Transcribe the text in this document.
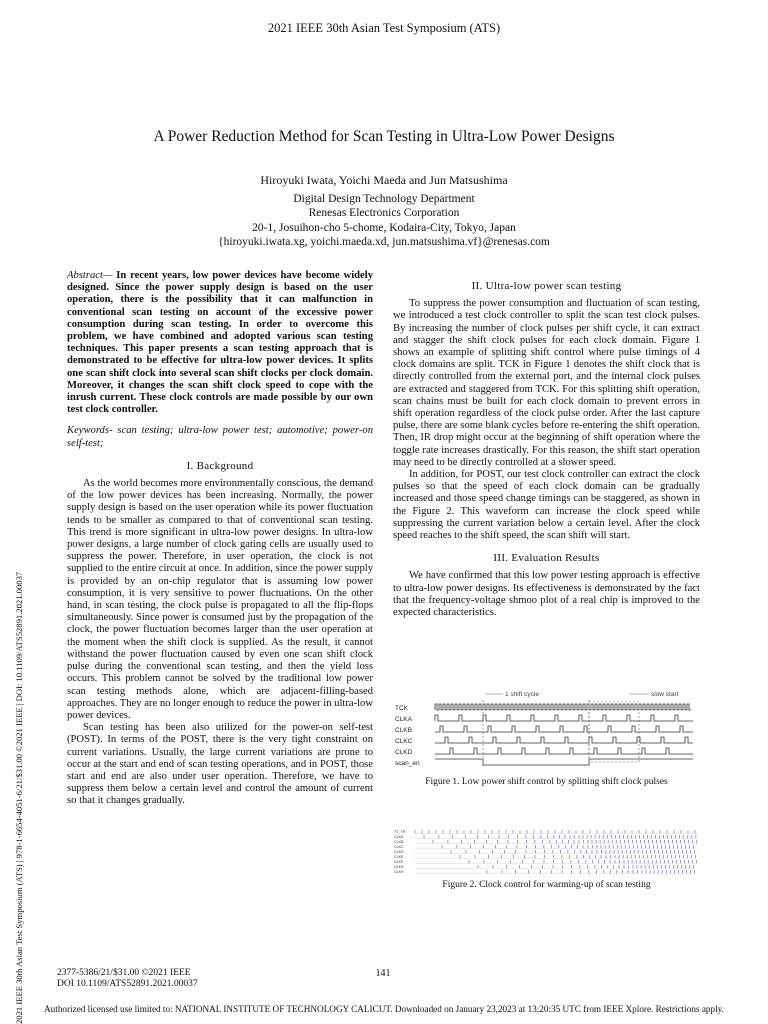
2021 IEEE 30th Asian Test Symposium (ATS)
A Power Reduction Method for Scan Testing in Ultra-Low Power Designs
Hiroyuki Iwata, Yoichi Maeda and Jun Matsushima
Digital Design Technology Department
Renesas Electronics Corporation
20-1, Josuihon-cho 5-chome, Kodaira-City, Tokyo, Japan
{hiroyuki.iwata.xg, yoichi.maeda.xd, jun.matsushima.vf}@renesas.com
2021 IEEE 30th Asian Test Symposium (ATS) | 978-1-6654-4051-6/21/$31.00 ©2021 IEEE | DOI: 10.1109/ATS52891.2021.00037

Abstract— In recent years, low power devices have become widely designed. Since the power supply design is based on the user operation, there is the possibility that it can malfunction in conventional scan testing on account of the excessive power consumption during scan testing. In order to overcome this problem, we have combined and adopted various scan testing techniques. This paper presents a scan testing approach that is demonstrated to be effective for ultra-low power devices. It splits one scan shift clock into several scan shift clocks per clock domain. Moreover, it changes the scan shift clock speed to cope with the inrush current. These clock controls are made possible by our own test clock controller.

Keywords- scan testing; ultra-low power test; automotive; power-on self-test;

I. Background

As the world becomes more environmentally conscious, the demand of the low power devices has been increasing. Normally, the power supply design is based on the user operation while its power fluctuation tends to be smaller as compared to that of conventional scan testing. This trend is more significant in ultra-low power designs. In ultra-low power designs, a large number of clock gating cells are usually used to suppress the power. Therefore, in user operation, the clock is not supplied to the entire circuit at once. In addition, since the power supply is provided by an on-chip regulator that is assuming low power consumption, it is very sensitive to power fluctuations. On the other hand, in scan testing, the clock pulse is propagated to all the flip-flops simultaneously. Since power is consumed just by the propagation of the clock, the power fluctuation becomes larger than the user operation at the moment when the shift clock is supplied. As the result, it cannot withstand the power fluctuation caused by even one scan shift clock pulse during the conventional scan testing, and then the yield loss occurs. This problem cannot be solved by the traditional low power scan testing methods alone, which are adjacent-filling-based approaches. They are no longer enough to reduce the power in ultra-low power devices.

Scan testing has been also utilized for the power-on self-test (POST). In terms of the POST, there is the very tight constraint on current variations. Usually, the large current variations are prone to occur at the start and end of scan testing operations, and in POST, those start and end are also under user operation. Therefore, we have to suppress them below a certain level and control the amount of current so that it changes gradually.

II. Ultra-low power scan testing

To suppress the power consumption and fluctuation of scan testing, we introduced a test clock controller to split the scan test clock pulses. By increasing the number of clock pulses per shift cycle, it can extract and stagger the shift clock pulses for each clock domain. Figure 1 shows an example of splitting shift control where pulse timings of 4 clock domains are split. TCK in Figure 1 denotes the shift clock that is directly controlled from the external port, and the internal clock pulses are extracted and staggered from TCK. For this splitting shift operation, scan chains must be built for each clock domain to prevent errors in shift operation regardless of the clock pulse order. After the last capture pulse, there are some blank cycles before re-entering the shift operation. Then, IR drop might occur at the beginning of shift operation where the toggle rate increases drastically. For this reason, the shift start operation may need to be directly controlled at a slower speed.

In addition, for POST, our test clock controller can extract the clock pulses so that the speed of each clock domain can be gradually increased and those speed change timings can be staggered, as shown in the Figure 2. This waveform can increase the clock speed while suppressing the current variation below a certain level. After the clock speed reaches to the shift speed, the scan shift will start.

III. Evaluation Results

We have confirmed that this low power testing approach is effective to ultra-low power designs. Its effectiveness is demonstrated by the fact that the frequency-voltage shmoo plot of a real chip is improved to the expected characteristics.

TCK
CLKA
CLKB
CLKC
CLKD
scan_en
1 shift cycle	slow start
Figure 1. Low power shift control by splitting shift clock pulses
TT_TR
CLKA
CLKB
CLKC
CLKD
CLKE
CLKF
CLKG
CLKH
Figure 2. Clock control for warming-up of scan testing
2377-5386/21/$31.00 ©2021 IEEE
DOI 10.1109/ATS52891.2021.00037
141
Authorized licensed use limited to: NATIONAL INSTITUTE OF TECHNOLOGY CALICUT. Downloaded on January 23,2023 at 13:20:35 UTC from IEEE Xplore. Restrictions apply.
